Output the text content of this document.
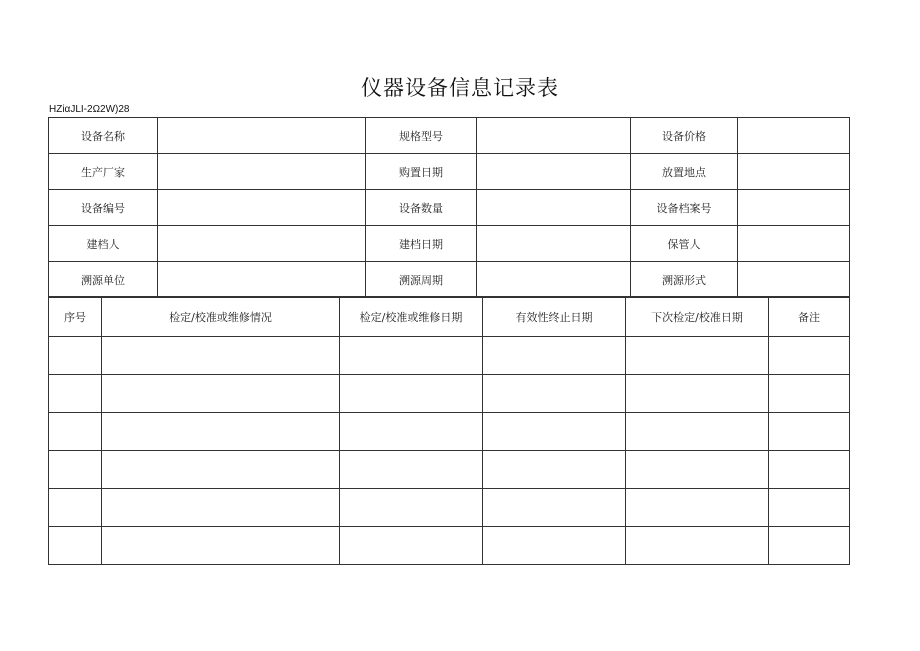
仪器设备信息记录表
HZiαJLI-2Ω2W)28
设备名称		规格型号		设备价格	
生产厂家		购置日期		放置地点	
设备编号		设备数量		设备档案号	
建档人		建档日期		保管人	
溯源单位		溯源周期		溯源形式	
序号	检定/校准或维修情况	检定/校准或维修日期	有效性终止日期	下次检定/校准日期	备注
